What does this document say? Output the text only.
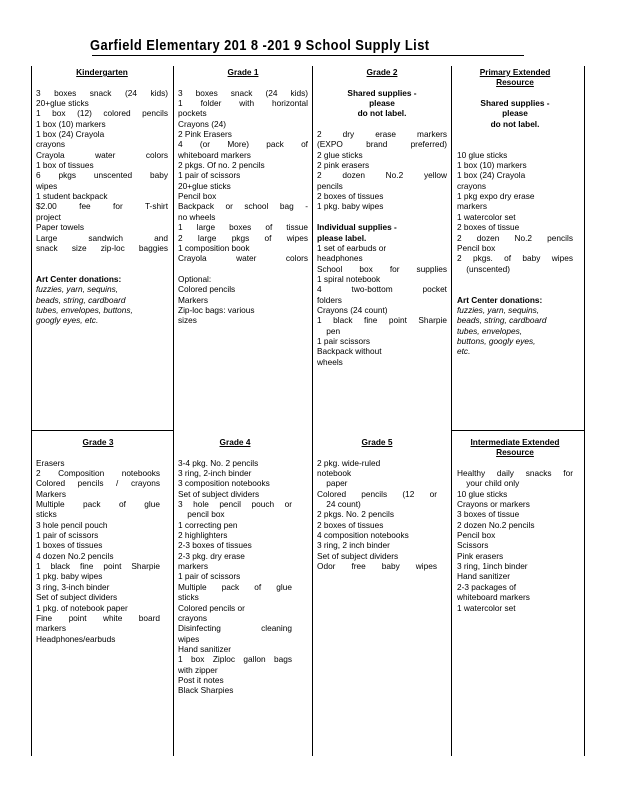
Garfield Elementary 201 8 -201 9 School Supply List
Kindergarten
3 boxes snack (24 kids)
20+glue sticks
1 box (12) colored pencils
1 box (10) markers
1 box (24) Crayola
crayons
Crayola water colors
1 box of tissues
6 pkgs unscented baby
wipes
1 student backpack
$2.00 fee for T-shirt
project
Paper towels
Large sandwich and
snack size zip-loc baggies
Art Center donations:
fuzzies, yarn, sequins,
beads, string, cardboard
tubes, envelopes, buttons,
googly eyes, etc.
Grade 1
3 boxes snack (24 kids)
1 folder with horizontal
pockets
Crayons (24)
2 Pink Erasers
4 (or More) pack of
whiteboard markers
2 pkgs. Of no. 2 pencils
1 pair of scissors
20+glue sticks
Pencil box
Backpack or school bag -
no wheels
1 large boxes of tissue
2 large pkgs of wipes
1 composition book
Crayola water colors
Optional:
Colored pencils
Markers
Zip-loc bags: various
sizes
Grade 2
Shared supplies -
please
do not label.
2 dry erase markers
(EXPO brand preferred)
2 glue sticks
2 pink erasers
2 dozen No.2 yellow
pencils
2 boxes of tissues
1 pkg. baby wipes
Individual supplies -
please label.
1 set of earbuds or
headphones
School box for supplies
1 spiral notebook
4 two-bottom pocket
folders
Crayons (24 count)
1 black fine point Sharpie
pen
1 pair scissors
Backpack without
wheels
Primary Extended
Resource
Shared supplies -
please
do not label.
10 glue sticks
1 box (10) markers
1 box (24) Crayola
crayons
1 pkg expo dry erase
markers
1 watercolor set
2 boxes of tissue
2 dozen No.2 pencils
Pencil box
2 pkgs. of baby wipes
(unscented)
Art Center donations:
fuzzies, yarn, sequins,
beads, string, cardboard
tubes, envelopes,
buttons, googly eyes,
etc.
Grade 3
Erasers
2 Composition notebooks
Colored pencils / crayons
Markers
Multiple pack of glue
sticks
3 hole pencil pouch
1 pair of scissors
1 boxes of tissues
4 dozen No.2 pencils
1 black fine point Sharpie
1 pkg. baby wipes
3 ring, 3-inch binder
Set of subject dividers
1 pkg. of notebook paper
Fine point white board
markers
Headphones/earbuds
Grade 4
3-4 pkg. No. 2 pencils
3 ring, 2-inch binder
3 composition notebooks
Set of subject dividers
3 hole pencil pouch or
pencil box
1 correcting pen
2 highlighters
2-3 boxes of tissues
2-3 pkg. dry erase
markers
1 pair of scissors
Multiple pack of glue
sticks
Colored pencils or
crayons
Disinfecting cleaning
wipes
Hand sanitizer
1 box Ziploc gallon bags
with zipper
Post it notes
Black Sharpies
Grade 5
2 pkg. wide-ruled
notebook
paper
Colored pencils (12 or
24 count)
2 pkgs. No. 2 pencils
2 boxes of tissues
4 composition notebooks
3 ring, 2 inch binder
Set of subject dividers
Odor free baby wipes
Intermediate Extended
Resource
Healthy daily snacks for
your child only
10 glue sticks
Crayons or markers
3 boxes of tissue
2 dozen No.2 pencils
Pencil box
Scissors
Pink erasers
3 ring, 1inch binder
Hand sanitizer
2-3 packages of
whiteboard markers
1 watercolor set
